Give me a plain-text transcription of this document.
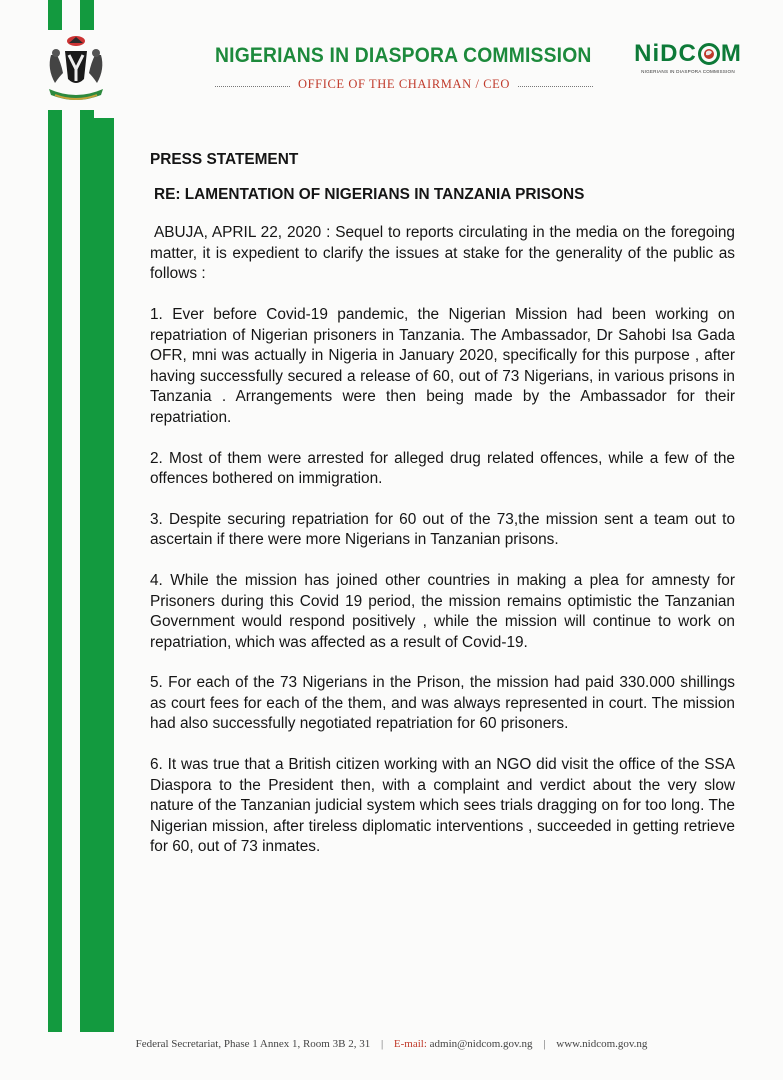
NIGERIANS IN DIASPORA COMMISSION
OFFICE OF THE CHAIRMAN / CEO
NiDC M
NIGERIANS IN DIASPORA COMMISSION

PRESS STATEMENT

RE: LAMENTATION OF NIGERIANS IN TANZANIA PRISONS

ABUJA, APRIL 22, 2020 : Sequel to reports circulating in the media on the foregoing matter, it is expedient to clarify the issues at stake for the generality of the public as follows :

1. Ever before Covid-19 pandemic, the Nigerian Mission had been working on repatriation of Nigerian prisoners in Tanzania. The Ambassador, Dr Sahobi Isa Gada OFR, mni was actually in Nigeria in January 2020, specifically for this purpose , after having successfully secured a release of 60, out of 73 Nigerians, in various prisons in Tanzania . Arrangements were then being made by the Ambassador for their repatriation.

2. Most of them were arrested for alleged drug related offences, while a few of the offences bothered on immigration.

3. Despite securing repatriation for 60 out of the 73,the mission sent a team out to ascertain if there were more Nigerians in Tanzanian prisons.

4. While the mission has joined other countries in making a plea for amnesty for Prisoners during this Covid 19 period, the mission remains optimistic the Tanzanian Government would respond positively , while the mission will continue to work on repatriation, which was affected as a result of Covid-19.

5. For each of the 73 Nigerians in the Prison, the mission had paid 330.000 shillings as court fees for each of the them, and was always represented in court. The mission had also successfully negotiated repatriation for 60 prisoners.

6. It was true that a British citizen working with an NGO did visit the office of the SSA Diaspora to the President then, with a complaint and verdict about the very slow nature of the Tanzanian judicial system which sees trials dragging on for too long. The Nigerian mission, after tireless diplomatic interventions , succeeded in getting retrieve for 60, out of 73 inmates.

Federal Secretariat, Phase 1 Annex 1, Room 3B 2, 31 | E-mail: admin@nidcom.gov.ng | www.nidcom.gov.ng
